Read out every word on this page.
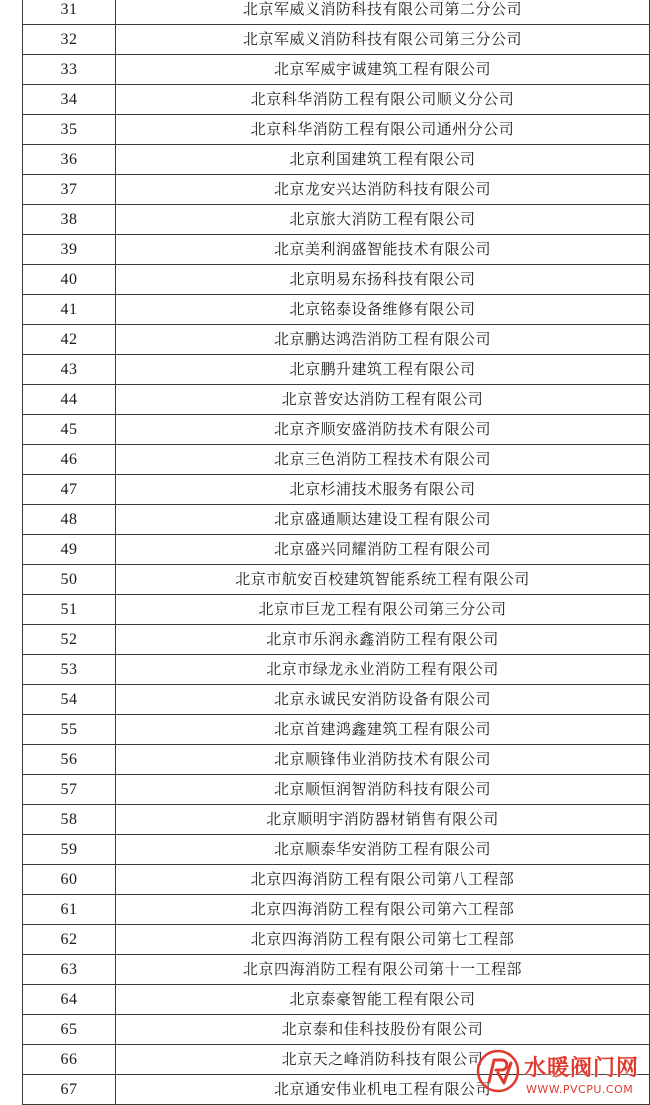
31	北京军威义消防科技有限公司第二分公司
32	北京军威义消防科技有限公司第三分公司
33	北京军威宇诚建筑工程有限公司
34	北京科华消防工程有限公司顺义分公司
35	北京科华消防工程有限公司通州分公司
36	北京利国建筑工程有限公司
37	北京龙安兴达消防科技有限公司
38	北京旅大消防工程有限公司
39	北京美利润盛智能技术有限公司
40	北京明易东扬科技有限公司
41	北京铭泰设备维修有限公司
42	北京鹏达鸿浩消防工程有限公司
43	北京鹏升建筑工程有限公司
44	北京普安达消防工程有限公司
45	北京齐顺安盛消防技术有限公司
46	北京三色消防工程技术有限公司
47	北京杉浦技术服务有限公司
48	北京盛通顺达建设工程有限公司
49	北京盛兴同耀消防工程有限公司
50	北京市航安百校建筑智能系统工程有限公司
51	北京市巨龙工程有限公司第三分公司
52	北京市乐润永鑫消防工程有限公司
53	北京市绿龙永业消防工程有限公司
54	北京永诚民安消防设备有限公司
55	北京首建鸿鑫建筑工程有限公司
56	北京顺锋伟业消防技术有限公司
57	北京顺恒润智消防科技有限公司
58	北京顺明宇消防器材销售有限公司
59	北京顺泰华安消防工程有限公司
60	北京四海消防工程有限公司第八工程部
61	北京四海消防工程有限公司第六工程部
62	北京四海消防工程有限公司第七工程部
63	北京四海消防工程有限公司第十一工程部
64	北京泰豪智能工程有限公司
65	北京泰和佳科技股份有限公司
66	北京天之峰消防科技有限公司
67	北京通安伟业机电工程有限公司
水暖阀门网
WWW.PVCPU.COM
